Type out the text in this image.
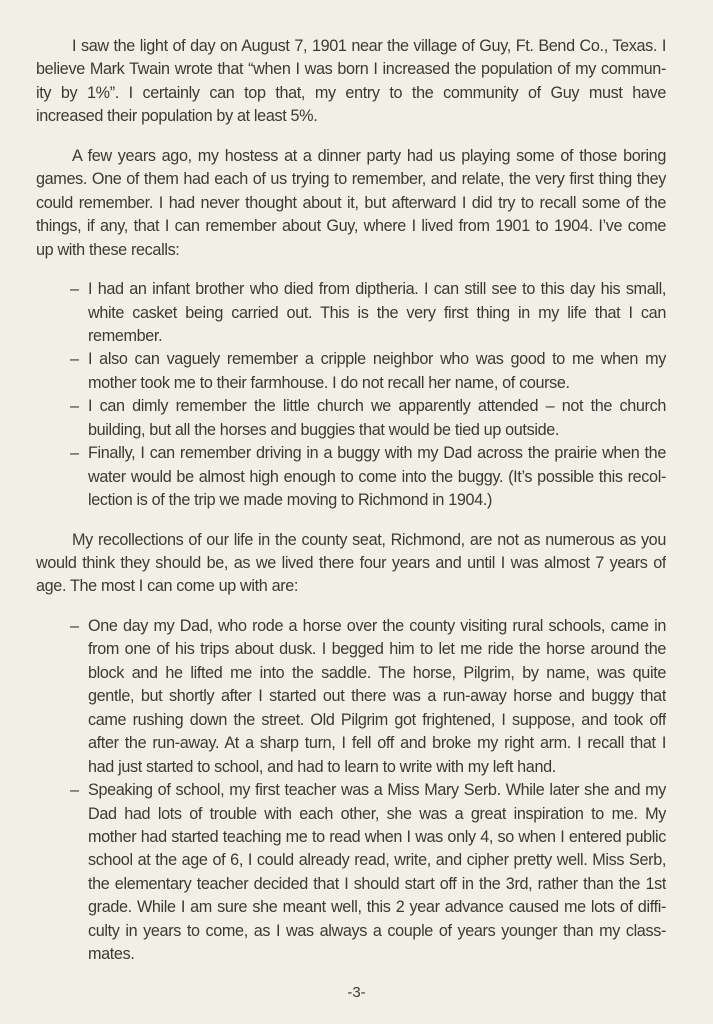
I saw the light of day on August 7, 1901 near the village of Guy, Ft. Bend Co., Texas. I
believe Mark Twain wrote that “when I was born I increased the population of my commun-
ity by 1%”. I certainly can top that, my entry to the community of Guy must have
increased their population by at least 5%.
A few years ago, my hostess at a dinner party had us playing some of those boring
games. One of them had each of us trying to remember, and relate, the very first thing they
could remember. I had never thought about it, but afterward I did try to recall some of the
things, if any, that I can remember about Guy, where I lived from 1901 to 1904. I’ve come
up with these recalls:
– I had an infant brother who died from diptheria. I can still see to this day his small,
white casket being carried out. This is the very first thing in my life that I can
remember.
– I also can vaguely remember a cripple neighbor who was good to me when my
mother took me to their farmhouse. I do not recall her name, of course.
– I can dimly remember the little church we apparently attended – not the church
building, but all the horses and buggies that would be tied up outside.
– Finally, I can remember driving in a buggy with my Dad across the prairie when the
water would be almost high enough to come into the buggy. (It’s possible this recol-
lection is of the trip we made moving to Richmond in 1904.)
My recollections of our life in the county seat, Richmond, are not as numerous as you
would think they should be, as we lived there four years and until I was almost 7 years of
age. The most I can come up with are:
– One day my Dad, who rode a horse over the county visiting rural schools, came in
from one of his trips about dusk. I begged him to let me ride the horse around the
block and he lifted me into the saddle. The horse, Pilgrim, by name, was quite
gentle, but shortly after I started out there was a run-away horse and buggy that
came rushing down the street. Old Pilgrim got frightened, I suppose, and took off
after the run-away. At a sharp turn, I fell off and broke my right arm. I recall that I
had just started to school, and had to learn to write with my left hand.
– Speaking of school, my first teacher was a Miss Mary Serb. While later she and my
Dad had lots of trouble with each other, she was a great inspiration to me. My
mother had started teaching me to read when I was only 4, so when I entered public
school at the age of 6, I could already read, write, and cipher pretty well. Miss Serb,
the elementary teacher decided that I should start off in the 3rd, rather than the 1st
grade. While I am sure she meant well, this 2 year advance caused me lots of diffi-
culty in years to come, as I was always a couple of years younger than my class-
mates.
-3-
